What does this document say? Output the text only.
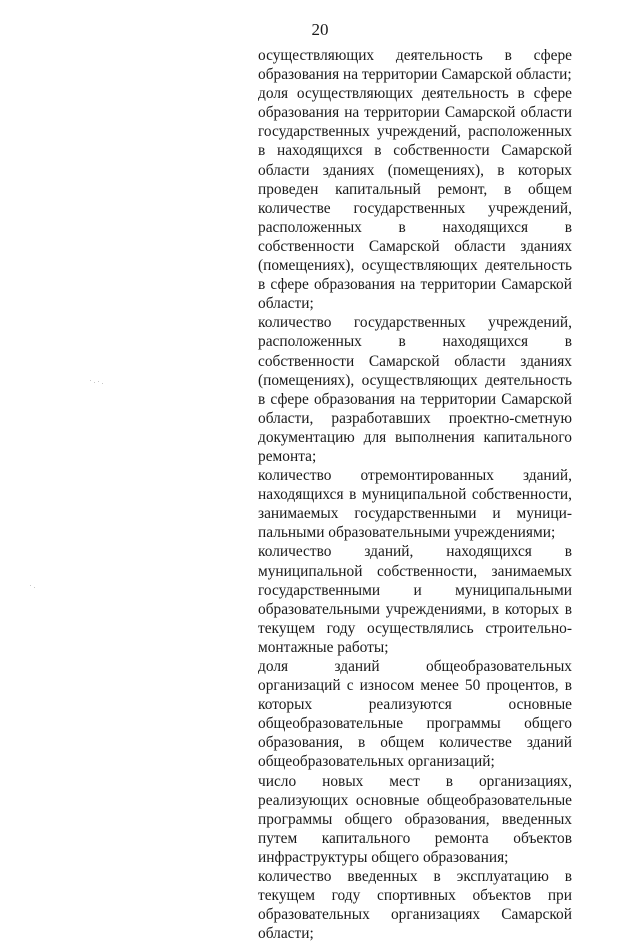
20

осуществляющих деятельность в сфере образования на территории Самарской области;

доля осуществляющих деятельность в сфере образования на территории Самарской области государственных учреждений, расположенных в находящихся в собственности Самарской области зданиях (помещениях), в которых проведен капитальный ремонт, в общем количестве государственных учреждений, расположенных в находящихся в собственности Самарской области зданиях (помещениях), осуществляющих деятельность в сфере образования на территории Самарской области;

количество государственных учреждений, расположенных в находящихся в собственности Самарской области зданиях (помещениях), осуществляющих деятельность в сфере образования на территории Самарской области, разработавших проектно-сметную документацию для выполнения капитального ремонта;

количество отремонтированных зданий, находящихся в муниципальной собственности, занимаемых государственными и муниципальными образовательными учреждениями;

количество зданий, находящихся в муниципальной собственности, занимаемых государственными и муниципальными образовательными учреждениями, в которых в текущем году осуществлялись строительно-монтажные работы;

доля зданий общеобразовательных организаций с износом менее 50 процентов, в которых реализуются основные общеобразовательные программы общего образования, в общем количестве зданий общеобразовательных организаций;

число новых мест в организациях, реализующих основные общеобразовательные программы общего образования, введенных путем капитального ремонта объектов инфраструктуры общего образования;

количество введенных в эксплуатацию в текущем году спортивных объектов при образовательных организациях Самарской области;
